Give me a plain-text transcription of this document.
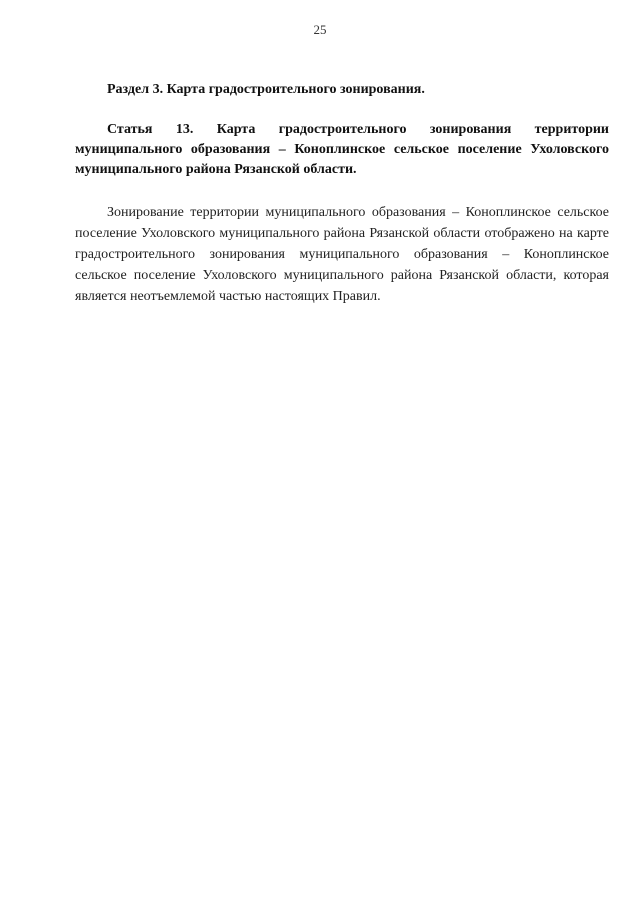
25

Раздел 3. Карта градостроительного зонирования.

Статья 13. Карта градостроительного зонирования территории муниципального образования – Коноплинское сельское поселение Ухоловского муниципального района Рязанской области.

Зонирование территории муниципального образования – Коноплинское сельское поселение Ухоловского муниципального района Рязанской области отображено на карте градостроительного зонирования муниципального образования – Коноплинское сельское поселение Ухоловского муниципального района Рязанской области, которая является неотъемлемой частью настоящих Правил.
